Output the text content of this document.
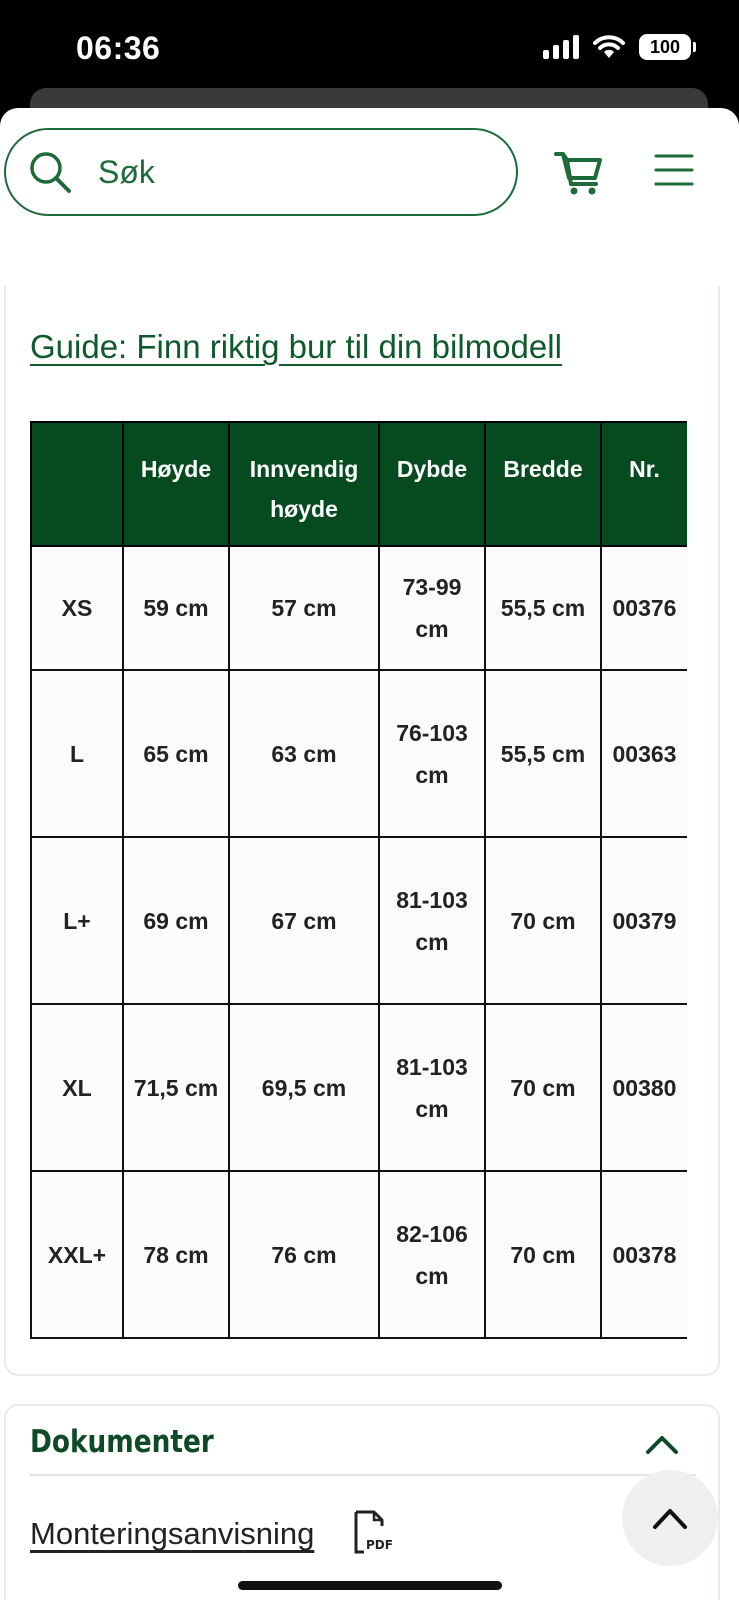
06:36	100
Søk
Guide: Finn riktig bur til din bilmodell
	Høyde	Innvendig høyde	Dybde	Bredde	Nr.
XS	59 cm	57 cm	73-99 cm	55,5 cm	00376
L	65 cm	63 cm	76-103 cm	55,5 cm	00363
L+	69 cm	67 cm	81-103 cm	70 cm	00379
XL	71,5 cm	69,5 cm	81-103 cm	70 cm	00380
XXL+	78 cm	76 cm	82-106 cm	70 cm	00378
Dokumenter
Monteringsanvisning	PDF
